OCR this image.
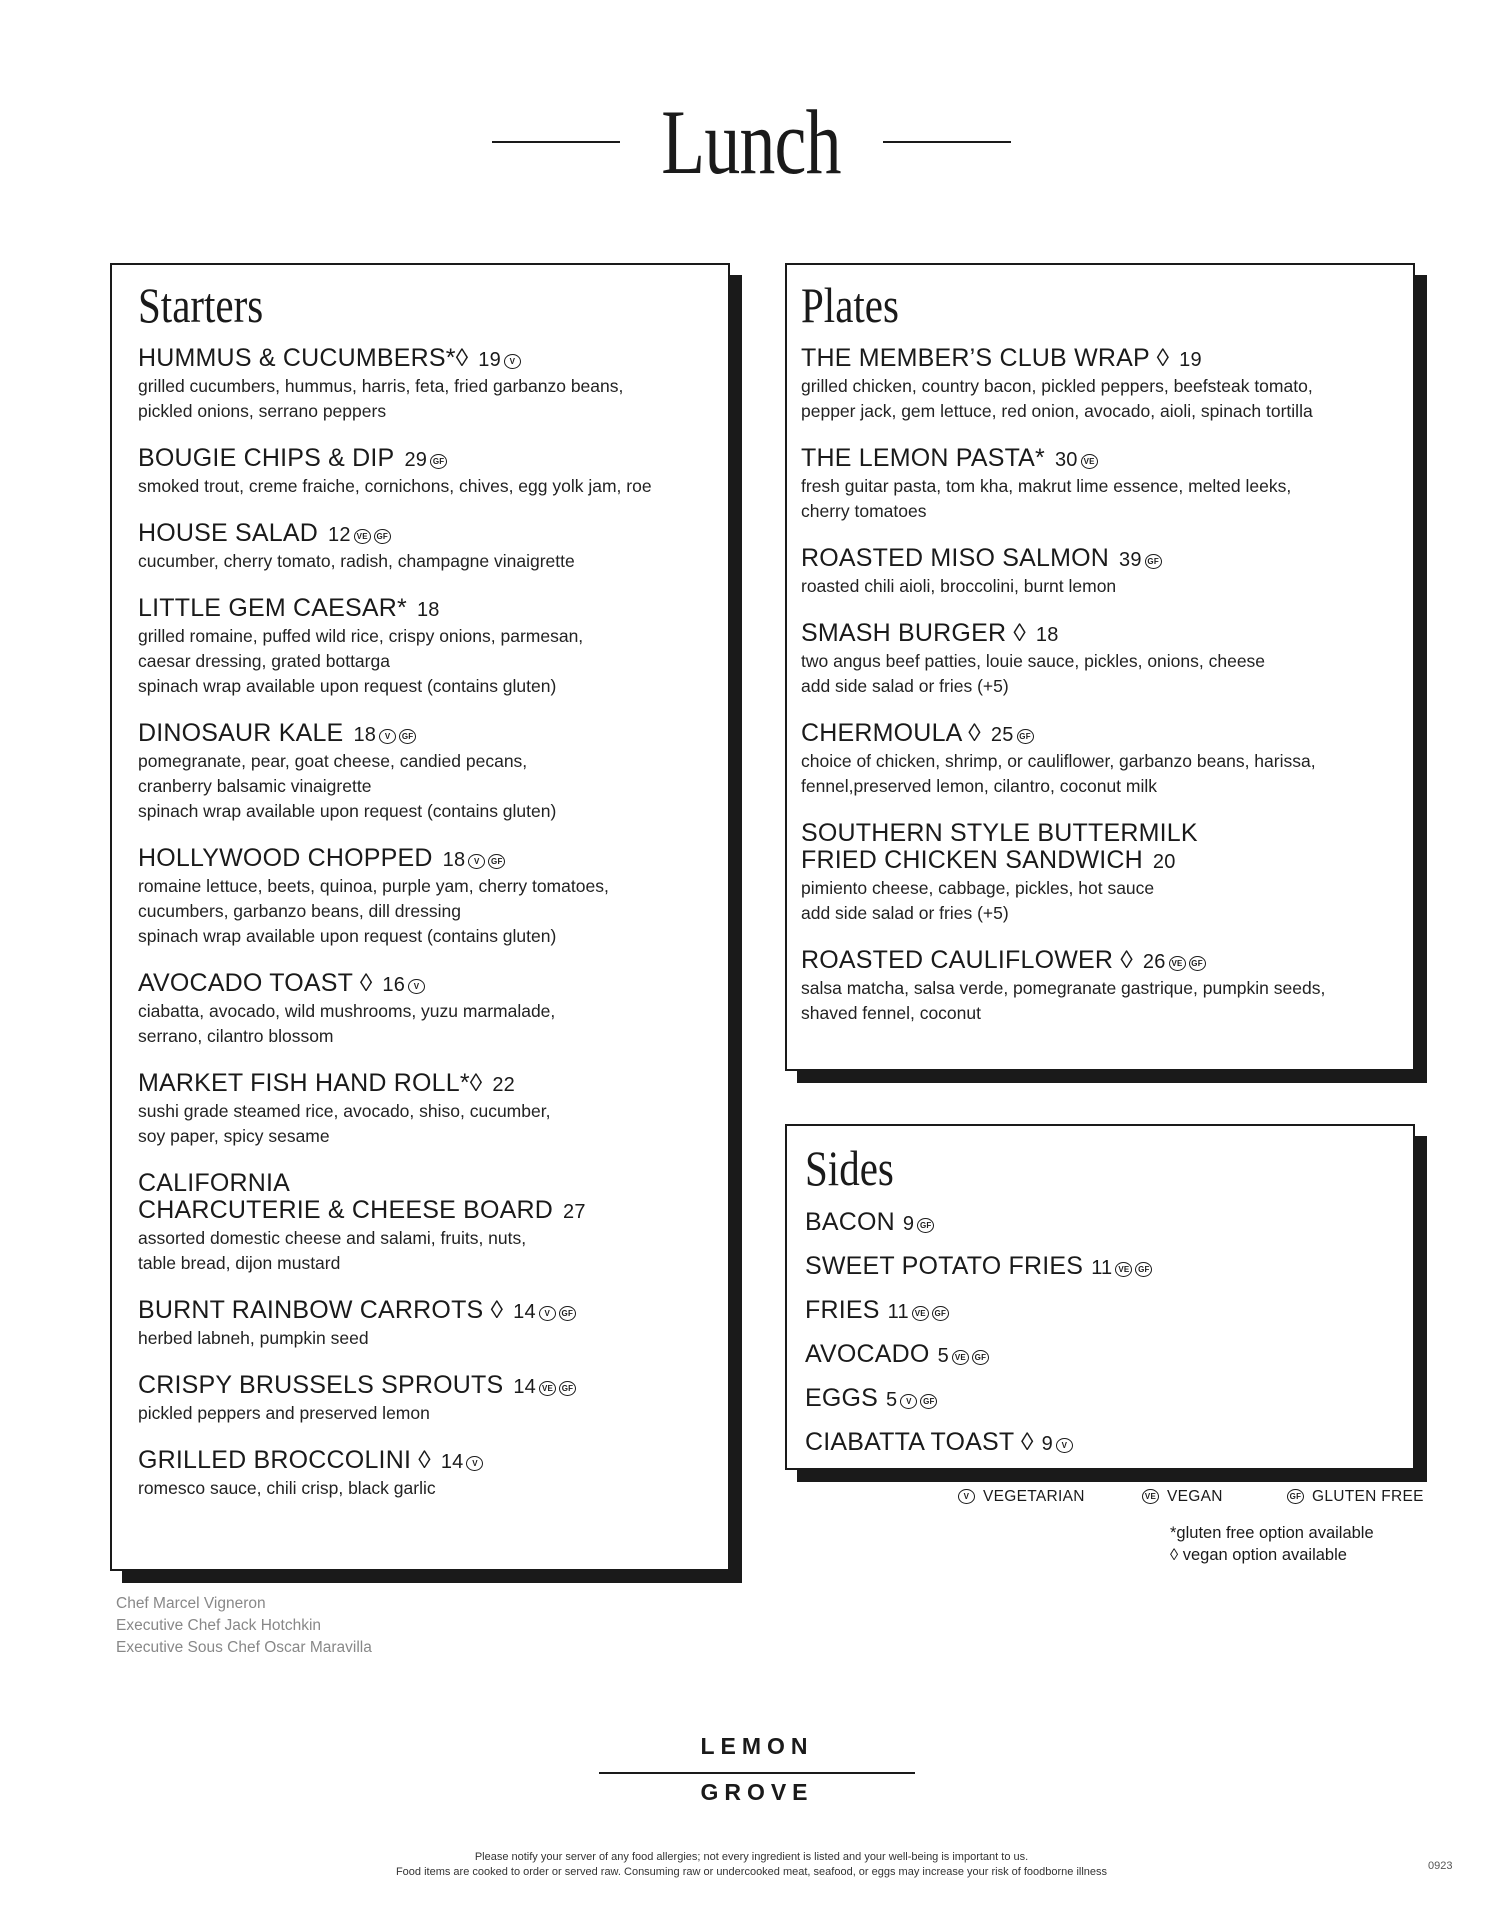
Lunch
Starters
HUMMUS & CUCUMBERS*◊ 19 V
grilled cucumbers, hummus, harris, feta, fried garbanzo beans,
pickled onions, serrano peppers
BOUGIE CHIPS & DIP 29 GF
smoked trout, creme fraiche, cornichons, chives, egg yolk jam, roe
HOUSE SALAD 12 VE GF
cucumber, cherry tomato, radish, champagne vinaigrette
LITTLE GEM CAESAR* 18
grilled romaine, puffed wild rice, crispy onions, parmesan,
caesar dressing, grated bottarga
spinach wrap available upon request (contains gluten)
DINOSAUR KALE 18 V GF
pomegranate, pear, goat cheese, candied pecans,
cranberry balsamic vinaigrette
spinach wrap available upon request (contains gluten)
HOLLYWOOD CHOPPED 18 V GF
romaine lettuce, beets, quinoa, purple yam, cherry tomatoes,
cucumbers, garbanzo beans, dill dressing
spinach wrap available upon request (contains gluten)
AVOCADO TOAST ◊ 16 V
ciabatta, avocado, wild mushrooms, yuzu marmalade,
serrano, cilantro blossom
MARKET FISH HAND ROLL*◊ 22
sushi grade steamed rice, avocado, shiso, cucumber,
soy paper, spicy sesame
CALIFORNIA
CHARCUTERIE & CHEESE BOARD 27
assorted domestic cheese and salami, fruits, nuts,
table bread, dijon mustard
BURNT RAINBOW CARROTS ◊ 14 V GF
herbed labneh, pumpkin seed
CRISPY BRUSSELS SPROUTS 14 VE GF
pickled peppers and preserved lemon
GRILLED BROCCOLINI ◊ 14 V
romesco sauce, chili crisp, black garlic
Plates
THE MEMBER’S CLUB WRAP ◊ 19
grilled chicken, country bacon, pickled peppers, beefsteak tomato,
pepper jack, gem lettuce, red onion, avocado, aioli, spinach tortilla
THE LEMON PASTA* 30 VE
fresh guitar pasta, tom kha, makrut lime essence, melted leeks,
cherry tomatoes
ROASTED MISO SALMON 39 GF
roasted chili aioli, broccolini, burnt lemon
SMASH BURGER ◊ 18
two angus beef patties, louie sauce, pickles, onions, cheese
add side salad or fries (+5)
CHERMOULA ◊ 25 GF
choice of chicken, shrimp, or cauliflower, garbanzo beans, harissa,
fennel,preserved lemon, cilantro, coconut milk
SOUTHERN STYLE BUTTERMILK
FRIED CHICKEN SANDWICH 20
pimiento cheese, cabbage, pickles, hot sauce
add side salad or fries (+5)
ROASTED CAULIFLOWER ◊ 26 VE GF
salsa matcha, salsa verde, pomegranate gastrique, pumpkin seeds,
shaved fennel, coconut
Sides
BACON 9 GF
SWEET POTATO FRIES 11 VE GF
FRIES 11 VE GF
AVOCADO 5 VE GF
EGGS 5 V GF
CIABATTA TOAST ◊ 9 V
V VEGETARIAN	VE VEGAN	GF GLUTEN FREE
*gluten free option available
◊ vegan option available
Chef Marcel Vigneron
Executive Chef Jack Hotchkin
Executive Sous Chef Oscar Maravilla
LEMON
GROVE
Please notify your server of any food allergies; not every ingredient is listed and your well-being is important to us.
Food items are cooked to order or served raw. Consuming raw or undercooked meat, seafood, or eggs may increase your risk of foodborne illness	0923
